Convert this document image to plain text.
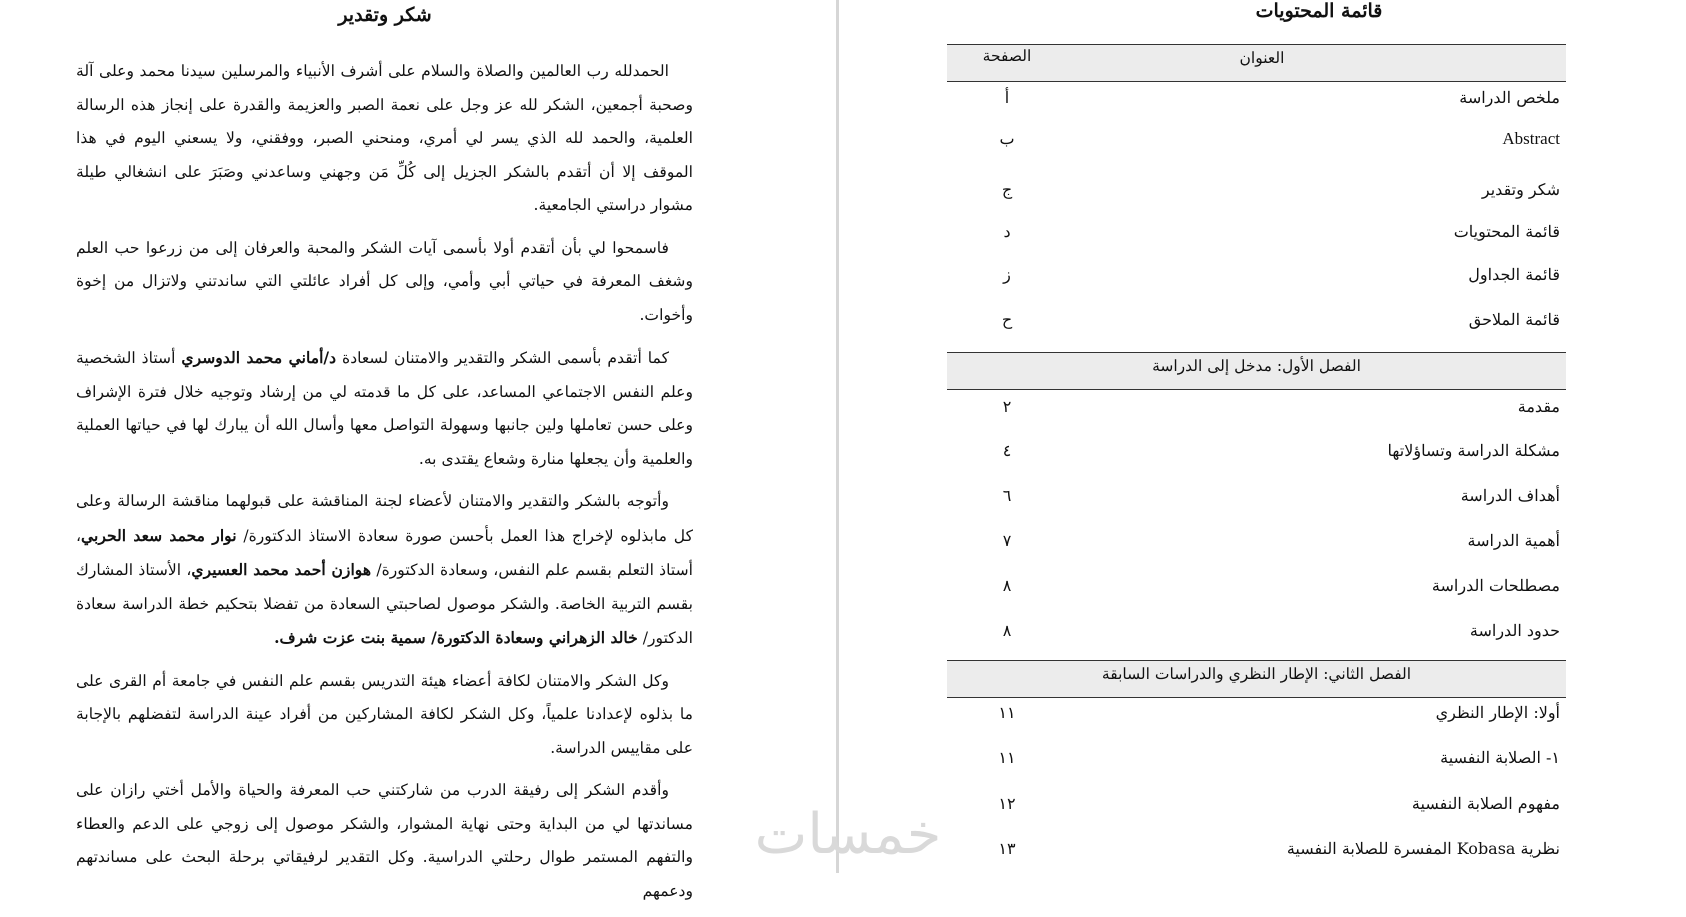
شكر وتقدير

الحمدلله رب العالمين والصلاة والسلام على أشرف الأنبياء والمرسلين سيدنا محمد وعلى آلة وصحبة أجمعين، الشكر لله عز وجل على نعمة الصبر والعزيمة والقدرة على إنجاز هذه الرسالة العلمية، والحمد لله الذي يسر لي أمري، ومنحني الصبر، ووفقني، ولا يسعني اليوم في هذا الموقف إلا أن أتقدم بالشكر الجزيل إلى كُلِّ مَن وجهني وساعدني وصَبَرَ على انشغالي طيلة مشوار دراستي الجامعية.

فاسمحوا لي بأن أتقدم أولا بأسمى آيات الشكر والمحبة والعرفان إلى من زرعوا حب العلم وشغف المعرفة في حياتي أبي وأمي، وإلى كل أفراد عائلتي التي ساندتني ولاتزال من إخوة وأخوات.

كما أتقدم بأسمى الشكر والتقدير والامتنان لسعادة د/أماني محمد الدوسري أستاذ الشخصية وعلم النفس الاجتماعي المساعد، على كل ما قدمته لي من إرشاد وتوجيه خلال فترة الإشراف وعلى حسن تعاملها ولين جانبها وسهولة التواصل معها وأسال الله أن يبارك لها في حياتها العملية والعلمية وأن يجعلها منارة وشعاع يقتدى به.

وأتوجه بالشكر والتقدير والامتنان لأعضاء لجنة المناقشة على قبولهما مناقشة الرسالة وعلى كل مابذلوه لإخراج هذا العمل بأحسن صورة سعادة الاستاذ الدكتورة/ نوار محمد سعد الحربي، أستاذ التعلم بقسم علم النفس، وسعادة الدكتورة/ هوازن أحمد محمد العسيري، الأستاذ المشارك بقسم التربية الخاصة. والشكر موصول لصاحبتي السعادة من تفضلا بتحكيم خطة الدراسة سعادة الدكتور/ خالد الزهراني وسعادة الدكتورة/ سمية بنت عزت شرف.

وكل الشكر والامتنان لكافة أعضاء هيئة التدريس بقسم علم النفس في جامعة أم القرى على ما بذلوه لإعدادنا علمياً، وكل الشكر لكافة المشاركين من أفراد عينة الدراسة لتفضلهم بالإجابة على مقاييس الدراسة.

وأقدم الشكر إلى رفيقة الدرب من شاركتني حب المعرفة والحياة والأمل أختي رازان على مساندتها لي من البداية وحتى نهاية المشوار، والشكر موصول إلى زوجي على الدعم والعطاء والتفهم المستمر طوال رحلتي الدراسية. وكل التقدير لرفيقاتي برحلة البحث على مساندتهم ودعمهم

قائمة المحتويات
العنوان
الصفحة
ملخص الدراسة
أ
Abstract
ب
شكر وتقدير
ج
قائمة المحتويات
د
قائمة الجداول
ز
قائمة الملاحق
ح
الفصل الأول: مدخل إلى الدراسة
مقدمة
٢
مشكلة الدراسة وتساؤلاتها
٤
أهداف الدراسة
٦
أهمية الدراسة
٧
مصطلحات الدراسة
٨
حدود الدراسة
٨
الفصل الثاني: الإطار النظري والدراسات السابقة
أولا: الإطار النظري
١١
١- الصلابة النفسية
١١
مفهوم الصلابة النفسية
١٢
نظرية Kobasa المفسرة للصلابة النفسية
١٣
خمسات
